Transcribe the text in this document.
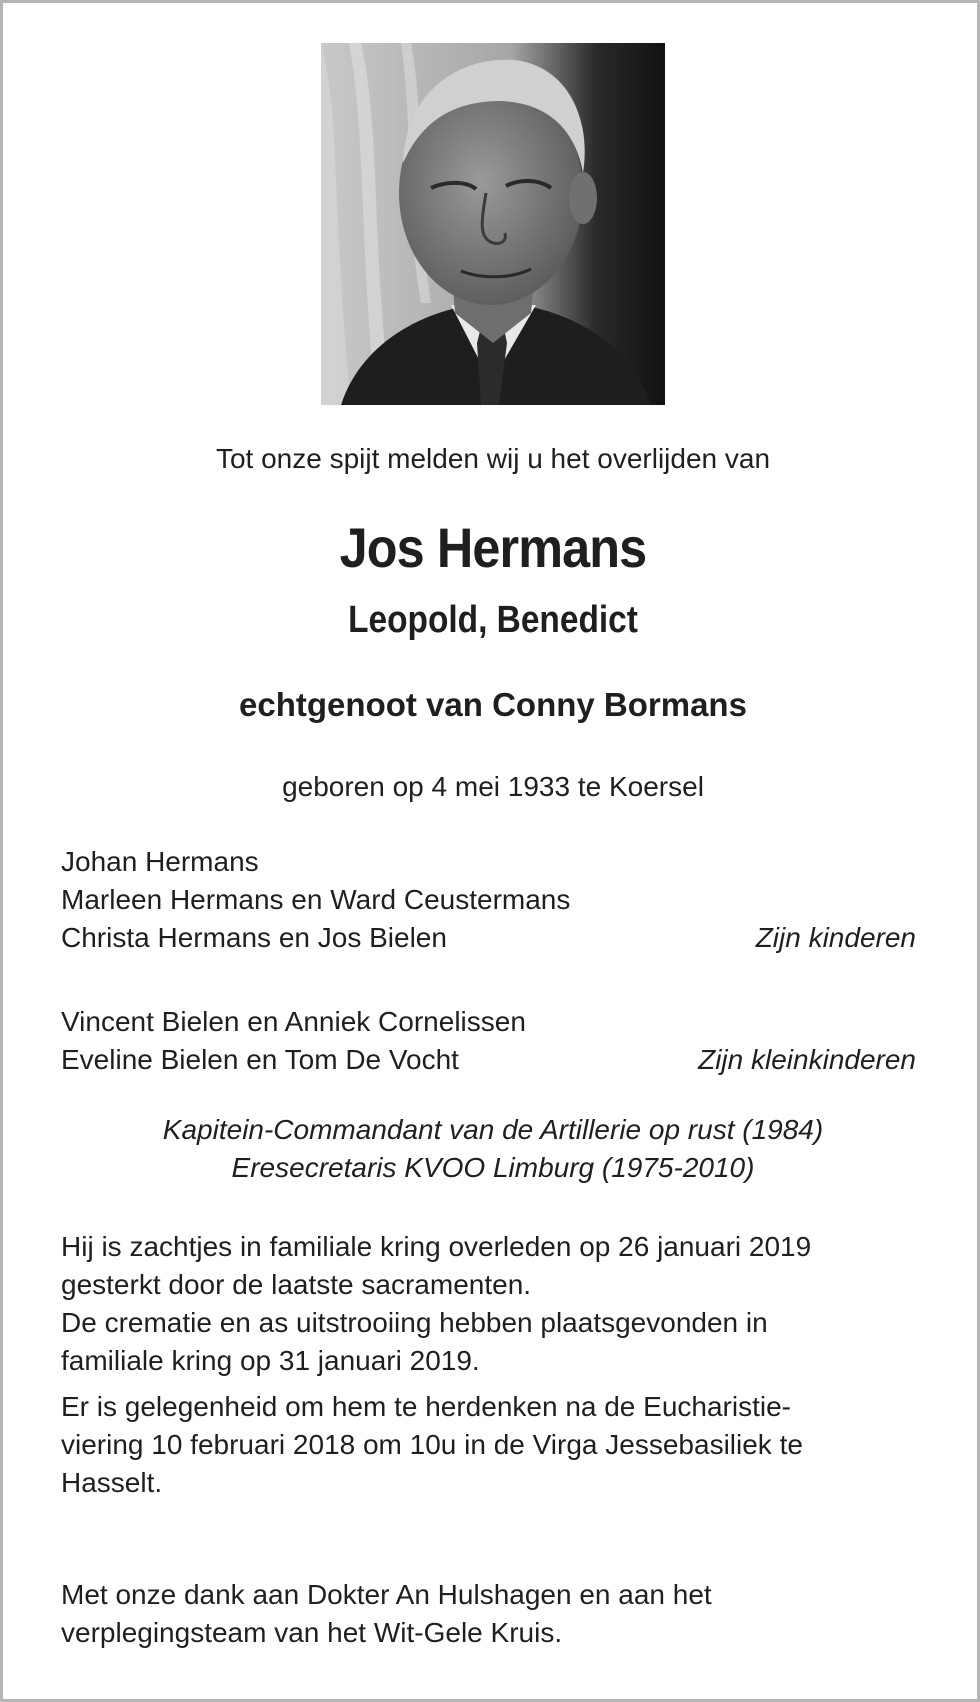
Tot onze spijt melden wij u het overlijden van
Jos Hermans
Leopold, Benedict
echtgenoot van Conny Bormans
geboren op 4 mei 1933 te Koersel
Johan Hermans
Marleen Hermans en Ward Ceustermans
Christa Hermans en Jos Bielen	Zijn kinderen
Vincent Bielen en Anniek Cornelissen
Eveline Bielen en Tom De Vocht	Zijn kleinkinderen
Kapitein-Commandant van de Artillerie op rust (1984)
Eresecretaris KVOO Limburg (1975-2010)
Hij is zachtjes in familiale kring overleden op 26 januari 2019
gesterkt door de laatste sacramenten.
De crematie en as uitstrooiing hebben plaatsgevonden in
familiale kring op 31 januari 2019.
Er is gelegenheid om hem te herdenken na de Eucharistie-
viering 10 februari 2018 om 10u in de Virga Jessebasiliek te
Hasselt.
Met onze dank aan Dokter An Hulshagen en aan het
verplegingsteam van het Wit-Gele Kruis.
